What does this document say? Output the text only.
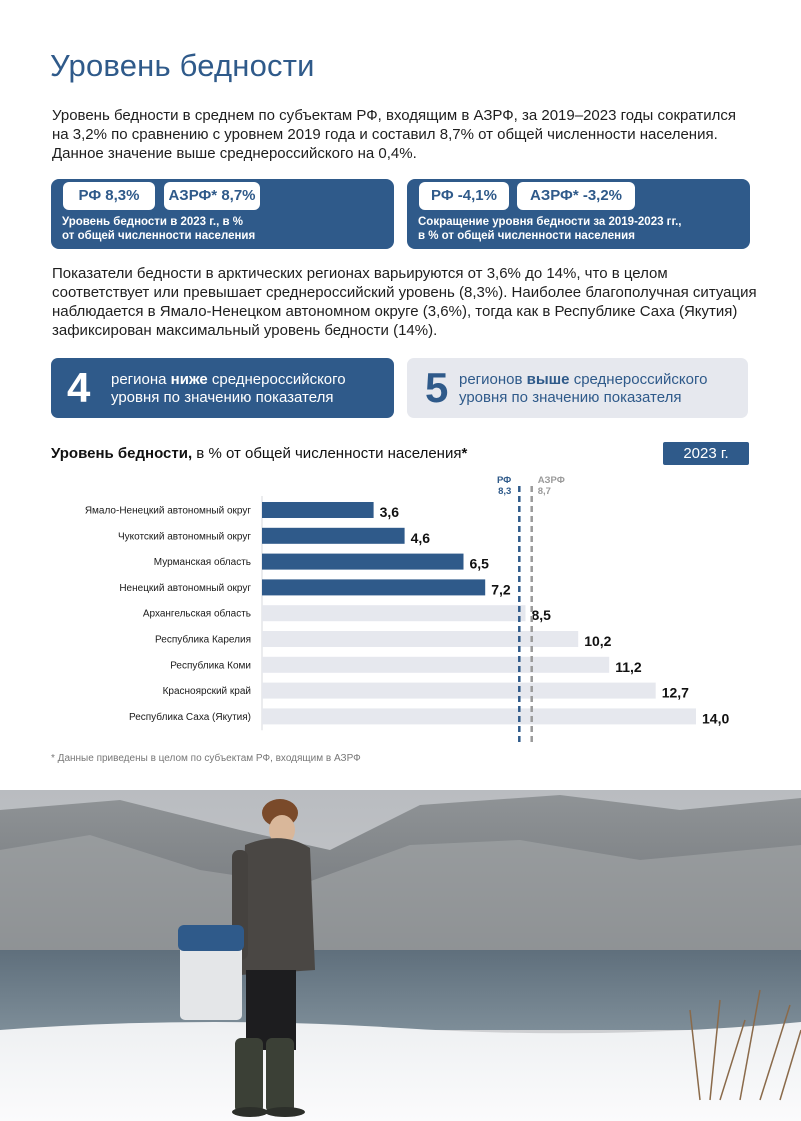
Уровень бедности
Уровень бедности в среднем по субъектам РФ, входящим в АЗРФ, за 2019–2023 годы сократился на 3,2% по сравнению с уровнем 2019 года и составил 8,7% от общей численности населения. Данное значение выше среднероссийского на 0,4%.
РФ 8,3%	АЗРФ* 8,7%
Уровень бедности в 2023 г., в %
от общей численности населения
РФ -4,1%	АЗРФ* -3,2%
Сокращение уровня бедности за 2019-2023 гг.,
в % от общей численности населения
Показатели бедности в арктических регионах варьируются от 3,6% до 14%, что в целом соответствует или превышает среднероссийский уровень (8,3%). Наиболее благополучная ситуация наблюдается в Ямало-Ненецком автономном округе (3,6%), тогда как в Республике Саха (Якутия) зафиксирован максимальный уровень бедности (14%).
4 региона ниже среднероссийского
уровня по значению показателя 5 регионов выше среднероссийского
уровня по значению показателя
Уровень бедности, в % от общей численности населения*	2023 г.
Ямало-Ненецкий автономный округ	3,6
Чукотский автономный округ	4,6
Мурманская область	6,5
Ненецкий автономный округ	7,2
Архангельская область	8,5
Республика Карелия	10,2
Республика Коми	11,2
Красноярский край	12,7
Республика Саха (Якутия)	14,0
РФ
8,3
АЗРФ
8,7
* Данные приведены в целом по субъектам РФ, входящим в АЗРФ
